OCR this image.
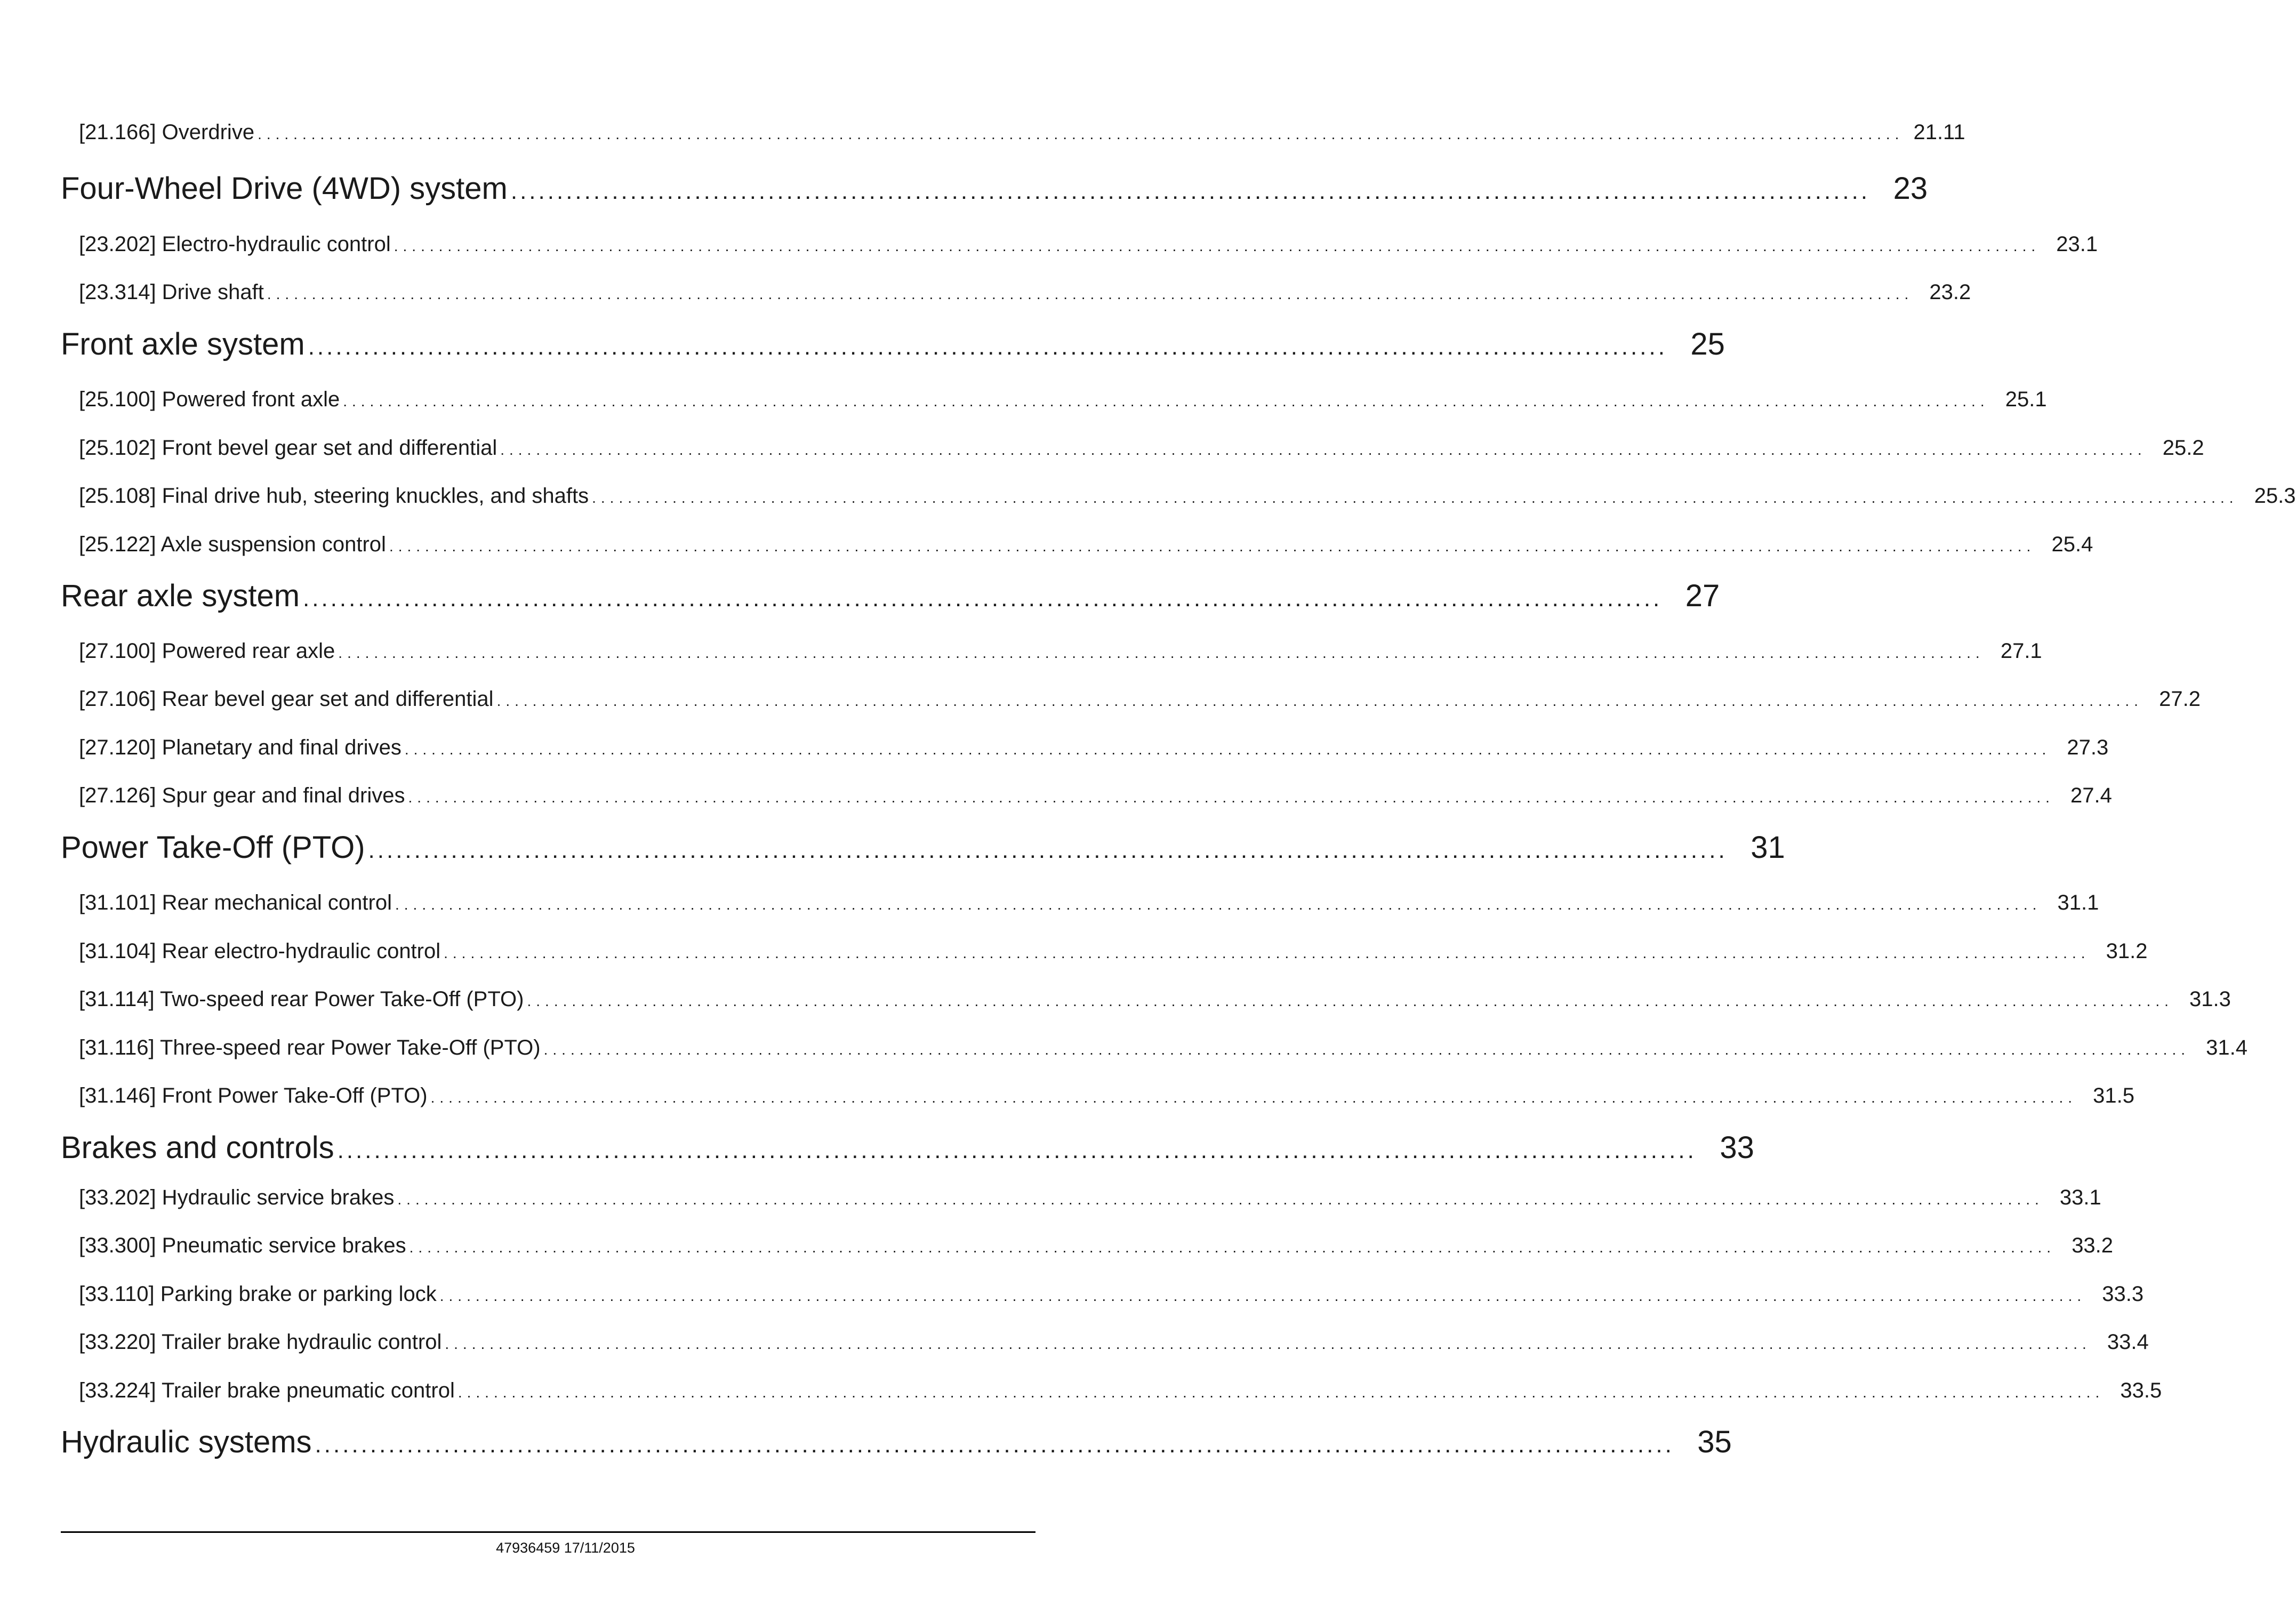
[21.166] Overdrive ........................................................................................................................................................................................ 21.11
Four-Wheel Drive (4WD) system .................................................................................................................................................... 23
[23.202] Electro-hydraulic control ........................................................................................................................................................................................ 23.1
[23.314] Drive shaft ........................................................................................................................................................................................ 23.2
Front axle system .................................................................................................................................................... 25
[25.100] Powered front axle ........................................................................................................................................................................................ 25.1
[25.102] Front bevel gear set and differential ........................................................................................................................................................................................ 25.2
[25.108] Final drive hub, steering knuckles, and shafts ........................................................................................................................................................................................ 25.3
[25.122] Axle suspension control ........................................................................................................................................................................................ 25.4
Rear axle system .................................................................................................................................................... 27
[27.100] Powered rear axle ........................................................................................................................................................................................ 27.1
[27.106] Rear bevel gear set and differential ........................................................................................................................................................................................ 27.2
[27.120] Planetary and final drives ........................................................................................................................................................................................ 27.3
[27.126] Spur gear and final drives ........................................................................................................................................................................................ 27.4
Power Take-Off (PTO) .................................................................................................................................................... 31
[31.101] Rear mechanical control ........................................................................................................................................................................................ 31.1
[31.104] Rear electro-hydraulic control ........................................................................................................................................................................................ 31.2
[31.114] Two-speed rear Power Take-Off (PTO) ........................................................................................................................................................................................ 31.3
[31.116] Three-speed rear Power Take-Off (PTO) ........................................................................................................................................................................................ 31.4
[31.146] Front Power Take-Off (PTO) ........................................................................................................................................................................................ 31.5
Brakes and controls .................................................................................................................................................... 33
[33.202] Hydraulic service brakes ........................................................................................................................................................................................ 33.1
[33.300] Pneumatic service brakes ........................................................................................................................................................................................ 33.2
[33.110] Parking brake or parking lock ........................................................................................................................................................................................ 33.3
[33.220] Trailer brake hydraulic control ........................................................................................................................................................................................ 33.4
[33.224] Trailer brake pneumatic control ........................................................................................................................................................................................ 33.5
Hydraulic systems .................................................................................................................................................... 35
47936459 17/11/2015
